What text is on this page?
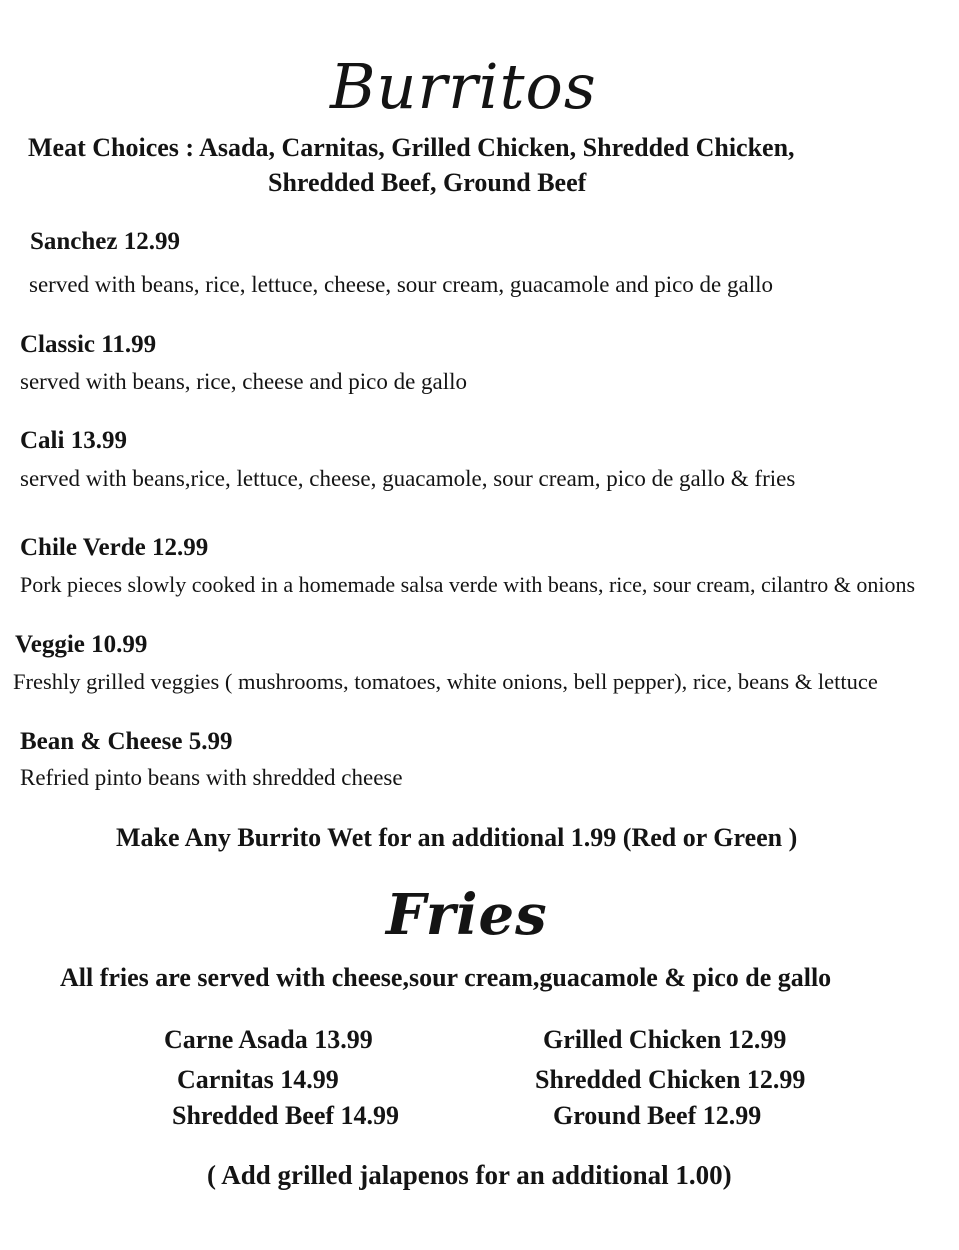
Burritos
Meat Choices : Asada, Carnitas, Grilled Chicken, Shredded Chicken,
Shredded Beef, Ground Beef
Sanchez 12.99
served with beans, rice, lettuce, cheese, sour cream, guacamole and pico de gallo
Classic 11.99
served with beans, rice, cheese and pico de gallo
Cali 13.99
served with beans,rice, lettuce, cheese, guacamole, sour cream, pico de gallo & fries
Chile Verde 12.99
Pork pieces slowly cooked in a homemade salsa verde with beans, rice, sour cream, cilantro & onions
Veggie 10.99
Freshly grilled veggies ( mushrooms, tomatoes, white onions, bell pepper), rice, beans & lettuce
Bean & Cheese 5.99
Refried pinto beans with shredded cheese
Make Any Burrito Wet for an additional 1.99 (Red or Green )
Fries
All fries are served with cheese,sour cream,guacamole & pico de gallo
Carne Asada 13.99
Carnitas 14.99
Shredded Beef 14.99
Grilled Chicken 12.99
Shredded Chicken 12.99
Ground Beef 12.99
( Add grilled jalapenos for an additional 1.00)
